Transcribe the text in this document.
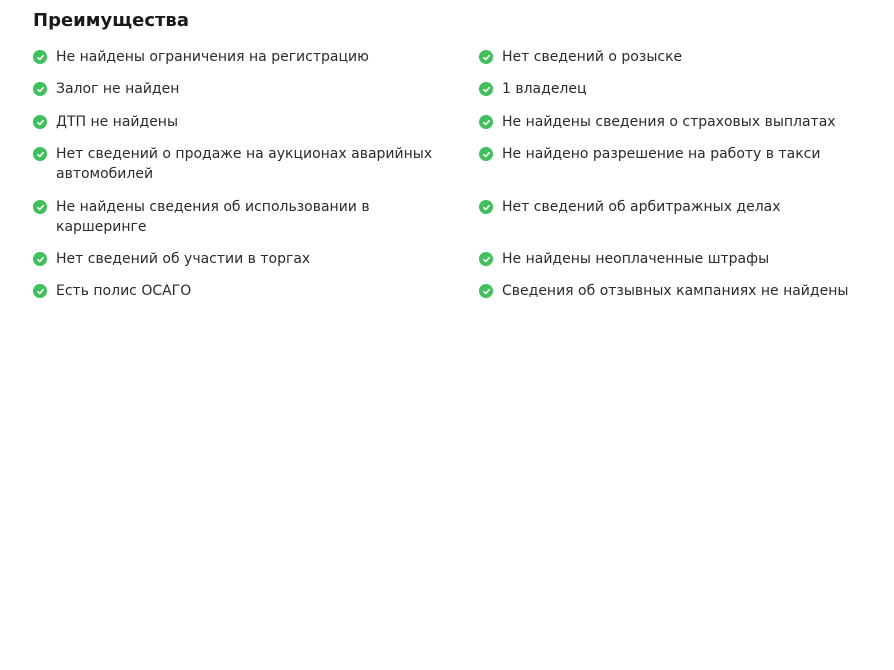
Преимущества
Не найдены ограничения на регистрацию
Залог не найден
ДТП не найдены
Нет сведений о продаже на аукционах аварийных автомобилей
Не найдены сведения об использовании в каршеринге
Нет сведений об участии в торгах
Есть полис ОСАГО
Нет сведений о розыске
1 владелец
Не найдены сведения о страховых выплатах
Не найдено разрешение на работу в такси
Нет сведений об арбитражных делах
Не найдены неоплаченные штрафы
Сведения об отзывных кампаниях не найдены
